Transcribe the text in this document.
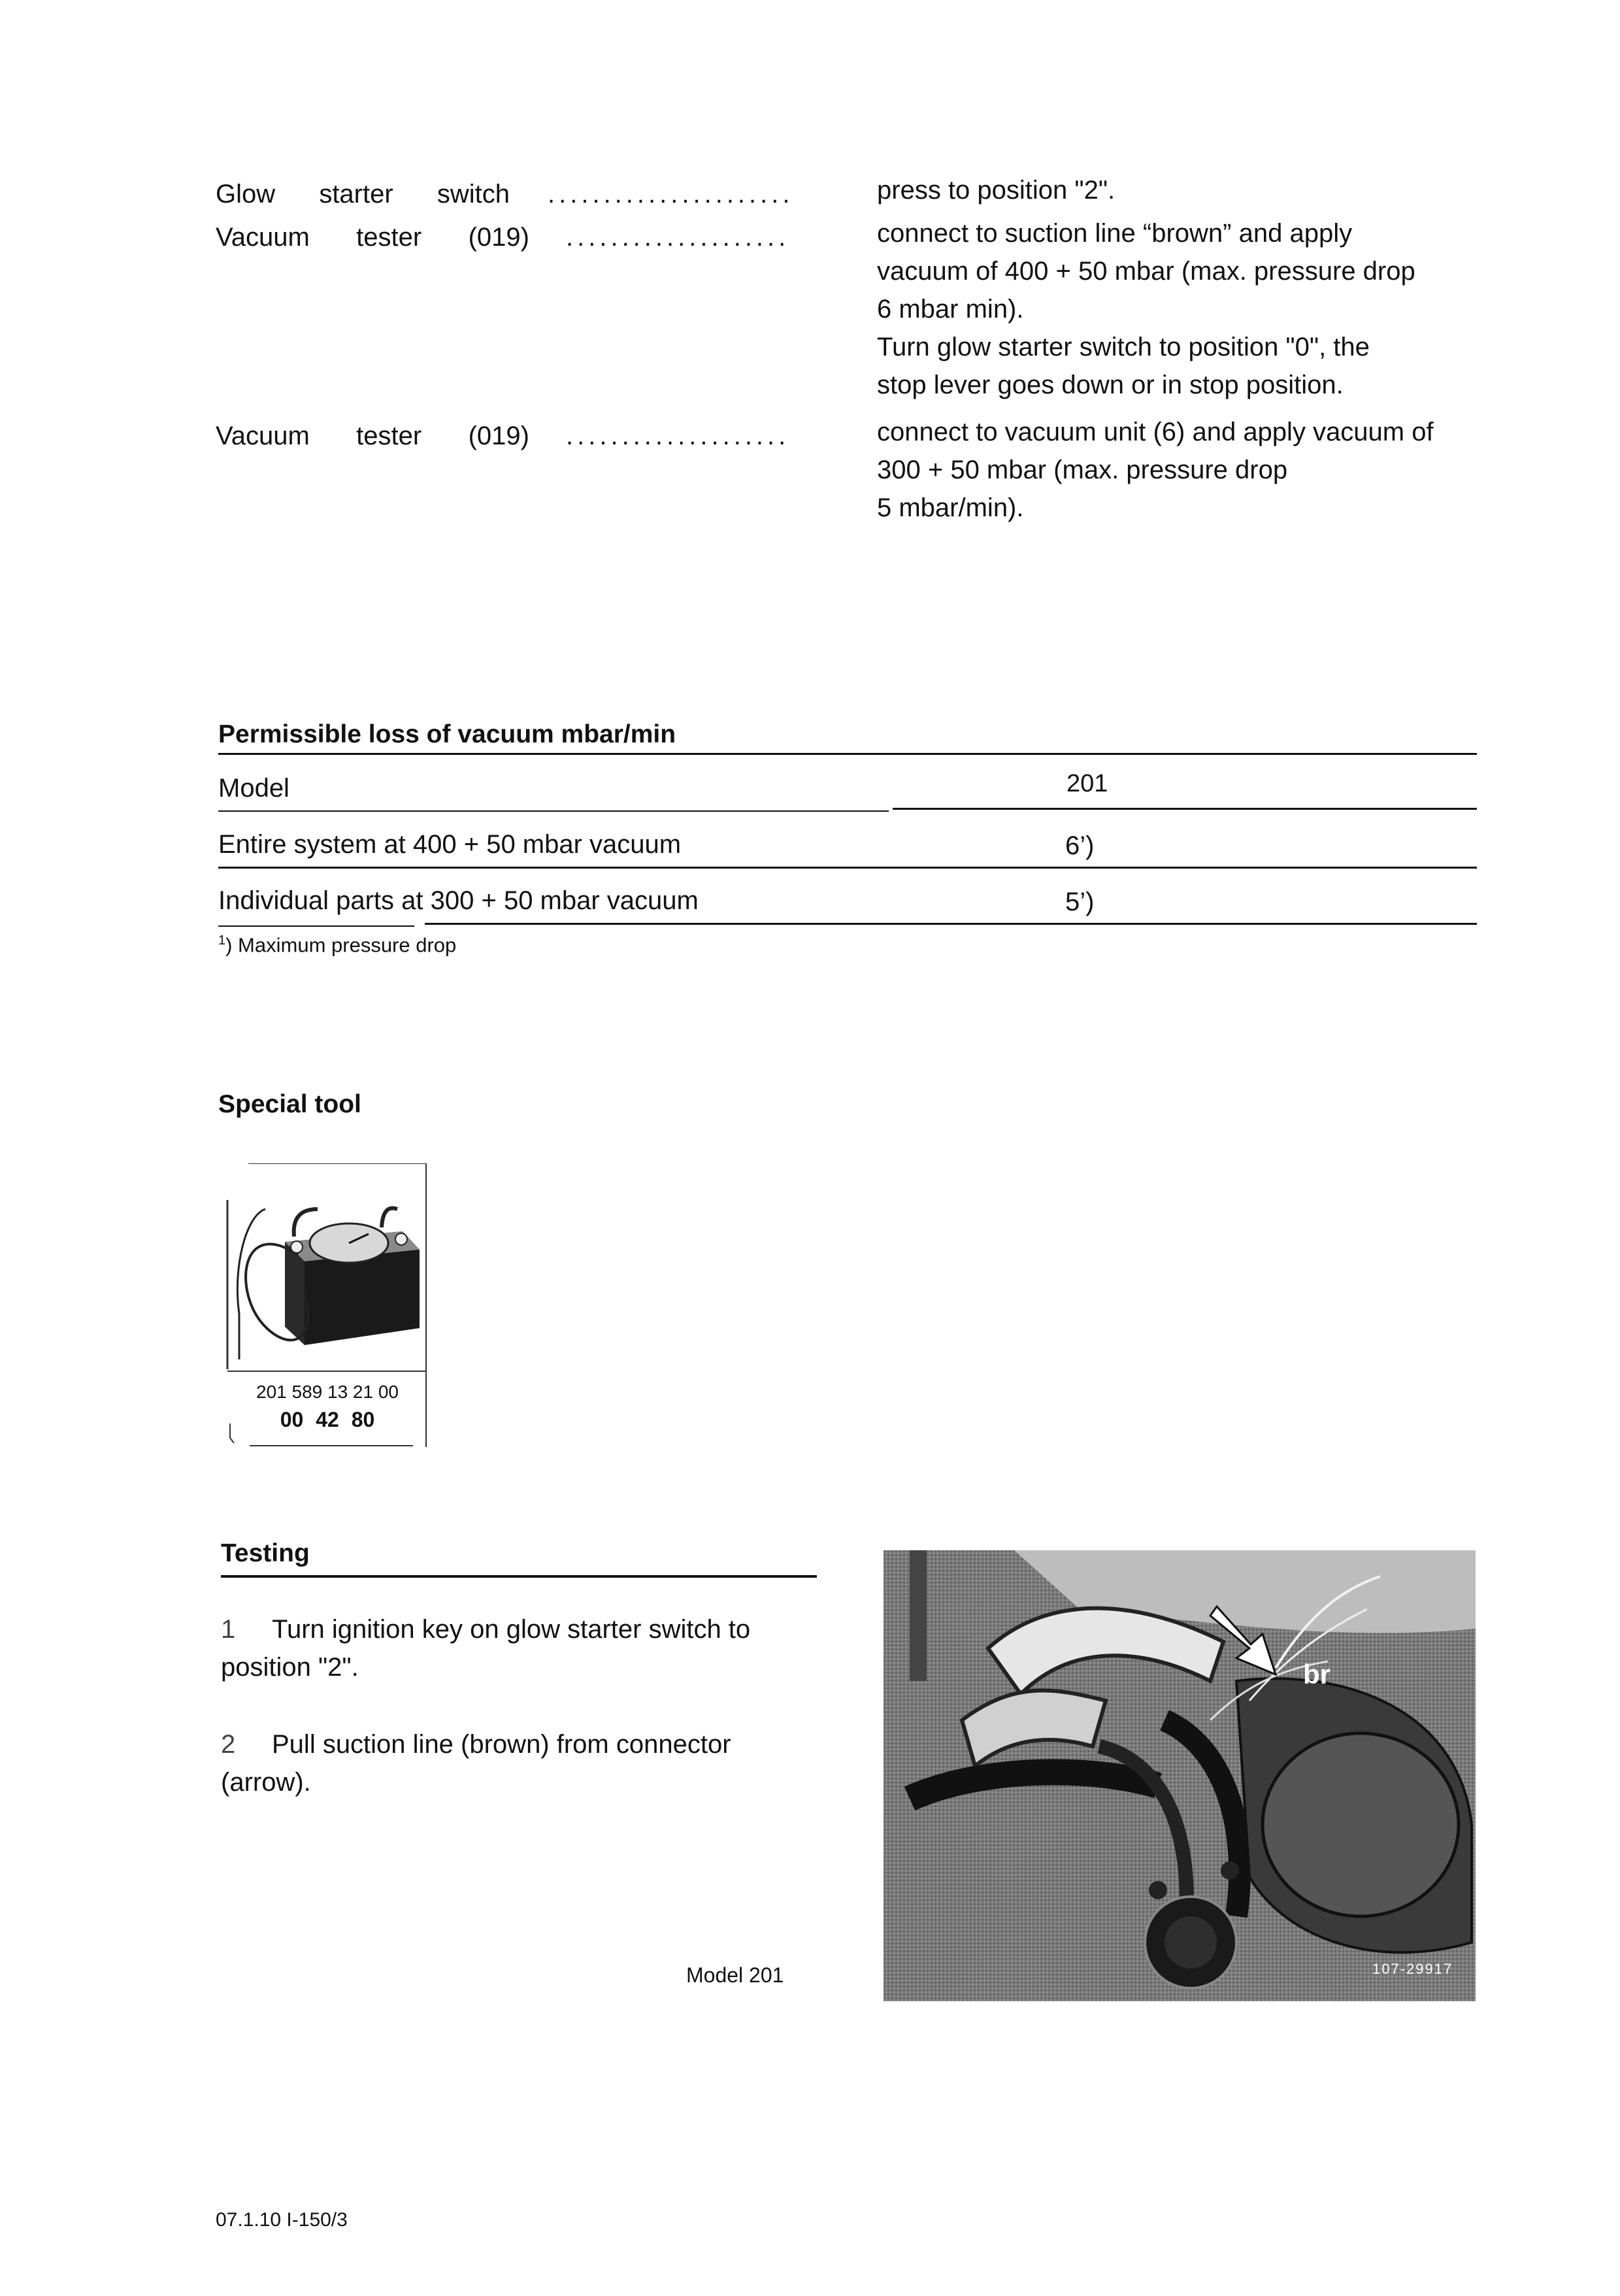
Glow starter switch ......................	press to position "2".
Vacuum tester (019) ....................	connect to suction line “brown” and apply
vacuum of 400 + 50 mbar (max. pressure drop
6 mbar min).
Turn glow starter switch to position "0", the
stop lever goes down or in stop position.
Vacuum tester (019) ....................	connect to vacuum unit (6) and apply vacuum of
300 + 50 mbar (max. pressure drop
5 mbar/min).
Permissible loss of vacuum mbar/min
Model	201
Entire system at 400 + 50 mbar vacuum	6’)
Individual parts at 300 + 50 mbar vacuum	5’)
$^1$) Maximum pressure drop
Special tool
201 589 13 21 00
00 42 80
Testing
1 Turn ignition key on glow starter switch to
position "2".
2 Pull suction line (brown) from connector
(arrow).
Model 201
br
107-29917
07.1.10 I-150/3
